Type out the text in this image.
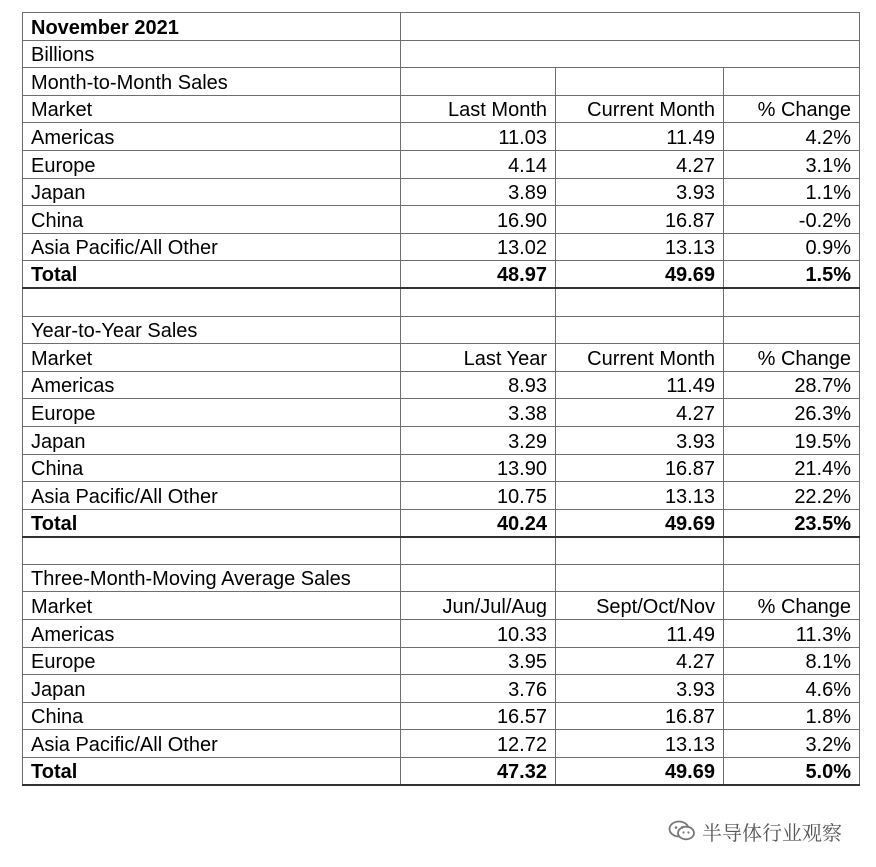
November 2021			
Billions			
Month-to-Month Sales			
Market	Last Month	Current Month	% Change
Americas	11.03	11.49	4.2%
Europe	4.14	4.27	3.1%
Japan	3.89	3.93	1.1%
China	16.90	16.87	-0.2%
Asia Pacific/All Other	13.02	13.13	0.9%
Total	48.97	49.69	1.5%

Year-to-Year Sales			
Market	Last Year	Current Month	% Change
Americas	8.93	11.49	28.7%
Europe	3.38	4.27	26.3%
Japan	3.29	3.93	19.5%
China	13.90	16.87	21.4%
Asia Pacific/All Other	10.75	13.13	22.2%
Total	40.24	49.69	23.5%

Three-Month-Moving Average Sales			
Market	Jun/Jul/Aug	Sept/Oct/Nov	% Change
Americas	10.33	11.49	11.3%
Europe	3.95	4.27	8.1%
Japan	3.76	3.93	4.6%
China	16.57	16.87	1.8%
Asia Pacific/All Other	12.72	13.13	3.2%
Total	47.32	49.69	5.0%
半导体行业观察
